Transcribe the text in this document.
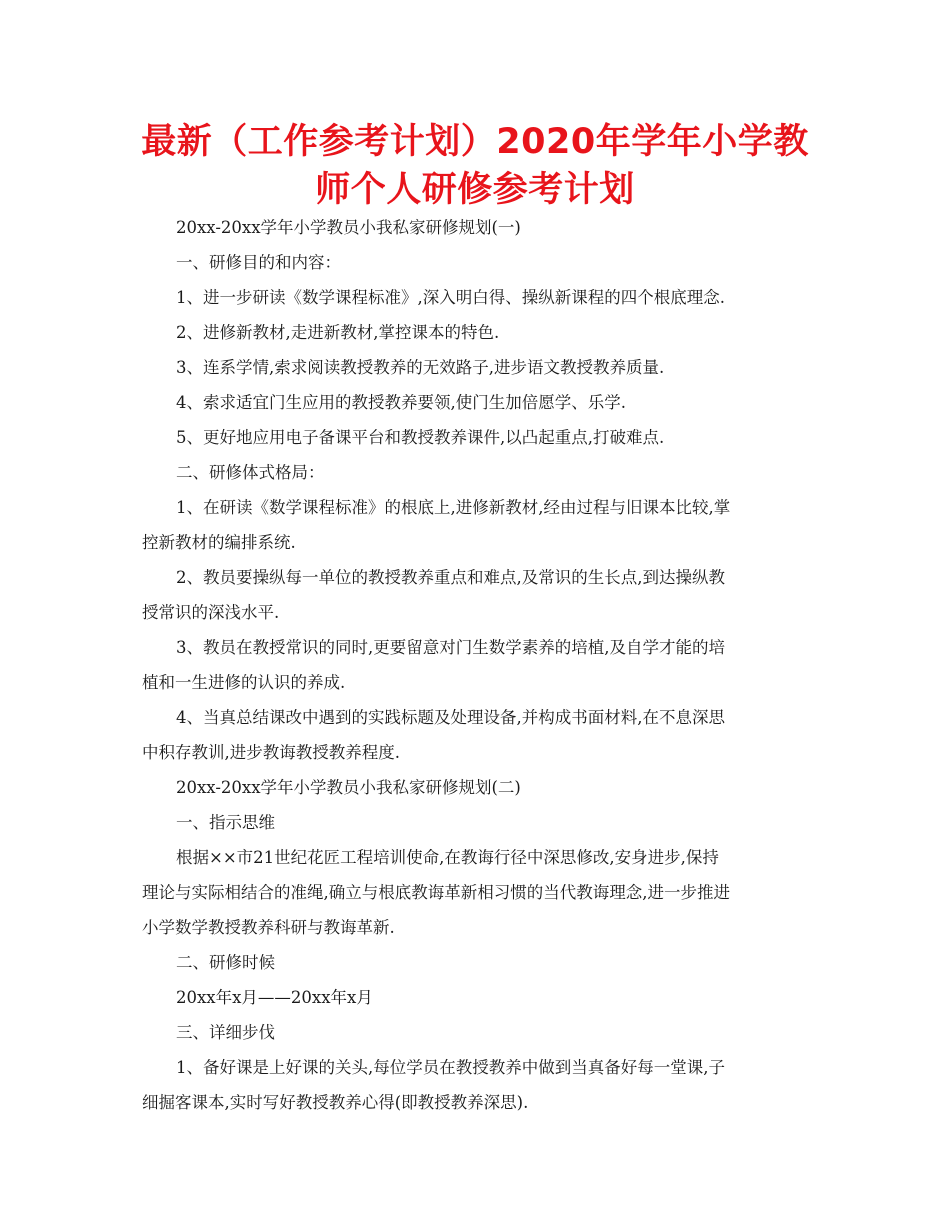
最新（工作参考计划）2020年学年小学教
师个人研修参考计划

20xx-20xx学年小学教员小我私家研修规划(一)

一、研修目的和内容：

1、进一步研读《数学课程标准》,深入明白得、操纵新课程的四个根底理念.

2、进修新教材,走进新教材,掌控课本的特色.

3、连系学情,索求阅读教授教养的无效路子,进步语文教授教养质量.

4、索求适宜门生应用的教授教养要领,使门生加倍愿学、乐学.

5、更好地应用电子备课平台和教授教养课件,以凸起重点,打破难点.

二、研修体式格局：

1、在研读《数学课程标准》的根底上,进修新教材,经由过程与旧课本比较,掌

控新教材的编排系统.

2、教员要操纵每一单位的教授教养重点和难点,及常识的生长点,到达操纵教

授常识的深浅水平.

3、教员在教授常识的同时,更要留意对门生数学素养的培植,及自学才能的培

植和一生进修的认识的养成.

4、当真总结课改中遇到的实践标题及处理设备,并构成书面材料,在不息深思

中积存教训,进步教诲教授教养程度.

20xx-20xx学年小学教员小我私家研修规划(二)

一、指示思维

根据××市21世纪花匠工程培训使命,在教诲行径中深思修改,安身进步,保持

理论与实际相结合的准绳,确立与根底教诲革新相习惯的当代教诲理念,进一步推进

小学数学教授教养科研与教诲革新.

二、研修时候

20xx年x月——20xx年x月

三、详细步伐

1、备好课是上好课的关头,每位学员在教授教养中做到当真备好每一堂课,子

细掘客课本,实时写好教授教养心得(即教授教养深思).
